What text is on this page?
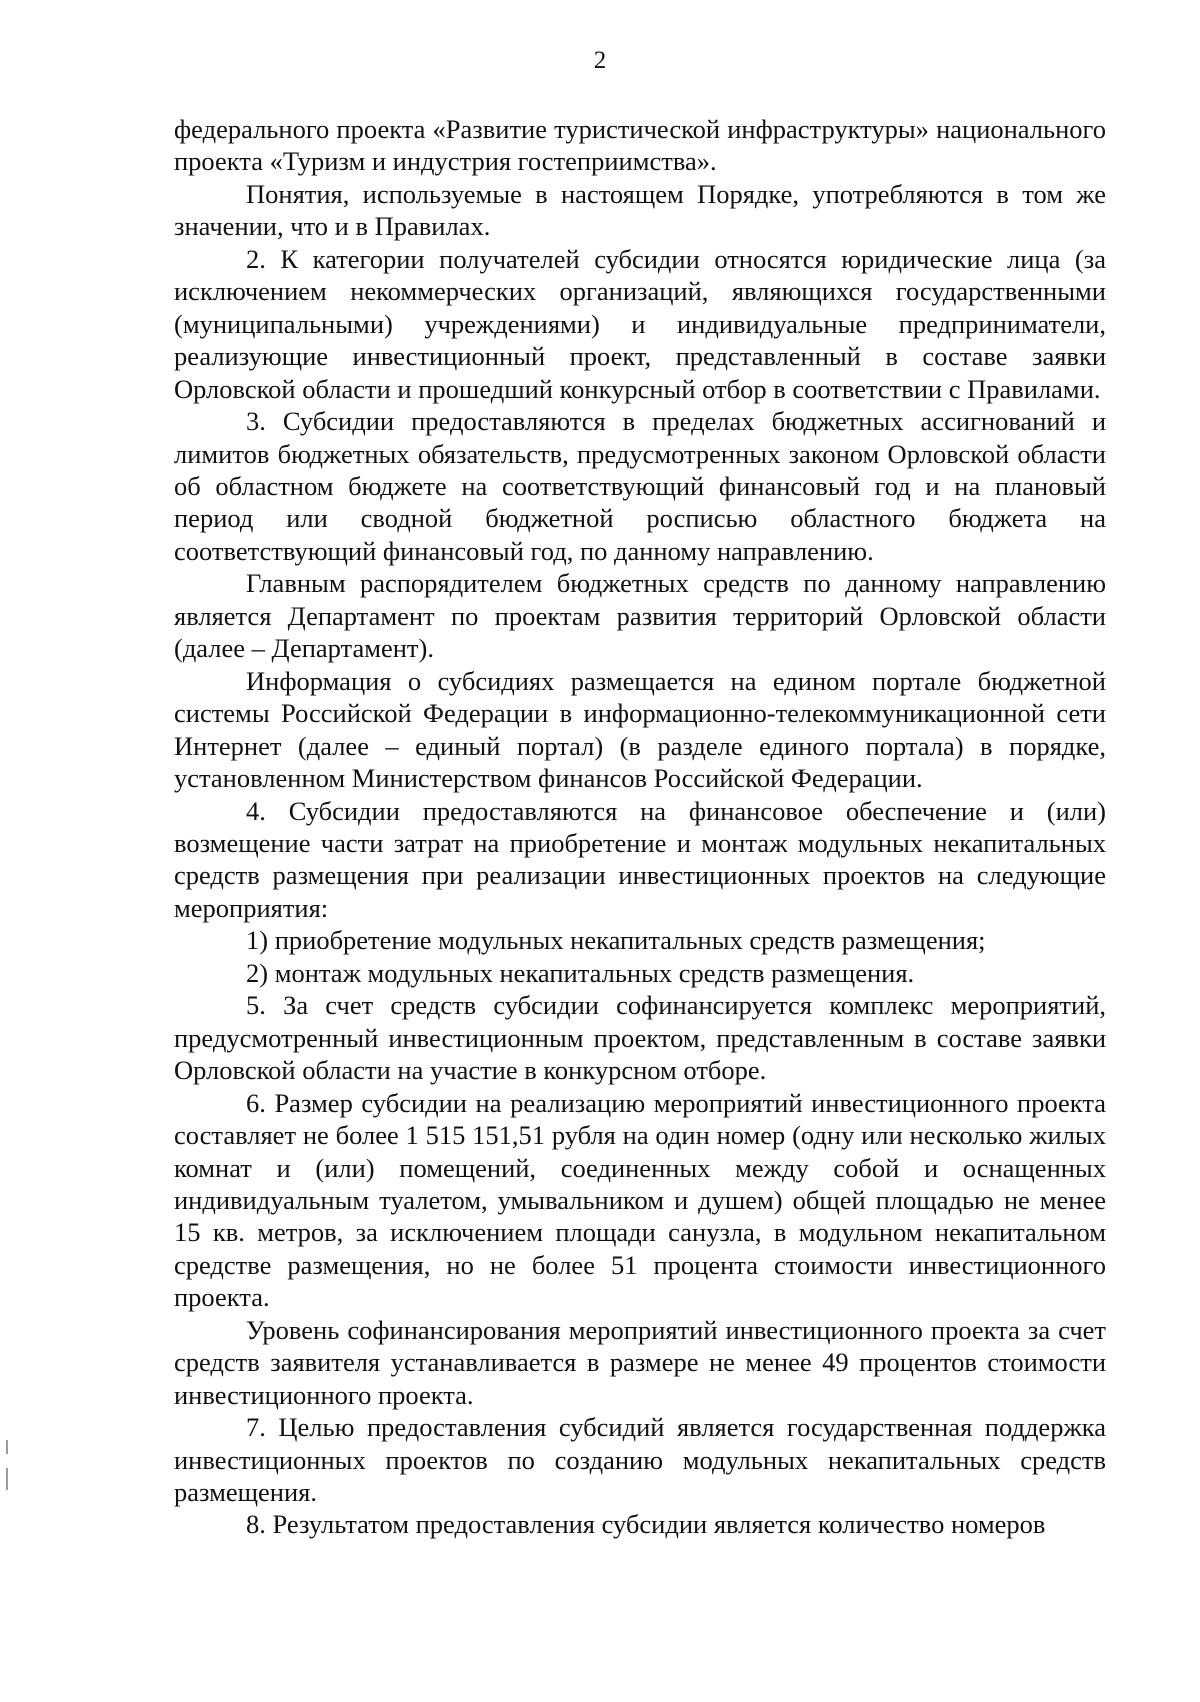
2

федерального проекта «Развитие туристической инфраструктуры» национального проекта «Туризм и индустрия гостеприимства».

Понятия, используемые в настоящем Порядке, употребляются в том же значении, что и в Правилах.

2. К категории получателей субсидии относятся юридические лица (за исключением некоммерческих организаций, являющихся государственными (муниципальными) учреждениями) и индивидуальные предприниматели, реализующие инвестиционный проект, представленный в составе заявки Орловской области и прошедший конкурсный отбор в соответствии с Правилами.

3. Субсидии предоставляются в пределах бюджетных ассигнований и лимитов бюджетных обязательств, предусмотренных законом Орловской области об областном бюджете на соответствующий финансовый год и на плановый период или сводной бюджетной росписью областного бюджета на соответствующий финансовый год, по данному направлению.

Главным распорядителем бюджетных средств по данному направлению является Департамент по проектам развития территорий Орловской области (далее – Департамент).

Информация о субсидиях размещается на едином портале бюджетной системы Российской Федерации в информационно-телекоммуникационной сети Интернет (далее – единый портал) (в разделе единого портала) в порядке, установленном Министерством финансов Российской Федерации.

4. Субсидии предоставляются на финансовое обеспечение и (или) возмещение части затрат на приобретение и монтаж модульных некапитальных средств размещения при реализации инвестиционных проектов на следующие мероприятия:

1) приобретение модульных некапитальных средств размещения;

2) монтаж модульных некапитальных средств размещения.

5. За счет средств субсидии софинансируется комплекс мероприятий, предусмотренный инвестиционным проектом, представленным в составе заявки Орловской области на участие в конкурсном отборе.

6. Размер субсидии на реализацию мероприятий инвестиционного проекта составляет не более 1 515 151,51 рубля на один номер (одну или несколько жилых комнат и (или) помещений, соединенных между собой и оснащенных индивидуальным туалетом, умывальником и душем) общей площадью не менее 15 кв. метров, за исключением площади санузла, в модульном некапитальном средстве размещения, но не более 51 процента стоимости инвестиционного проекта.

Уровень софинансирования мероприятий инвестиционного проекта за счет средств заявителя устанавливается в размере не менее 49 процентов стоимости инвестиционного проекта.

7. Целью предоставления субсидий является государственная поддержка инвестиционных проектов по созданию модульных некапитальных средств размещения.

8. Результатом предоставления субсидии является количество номеров
